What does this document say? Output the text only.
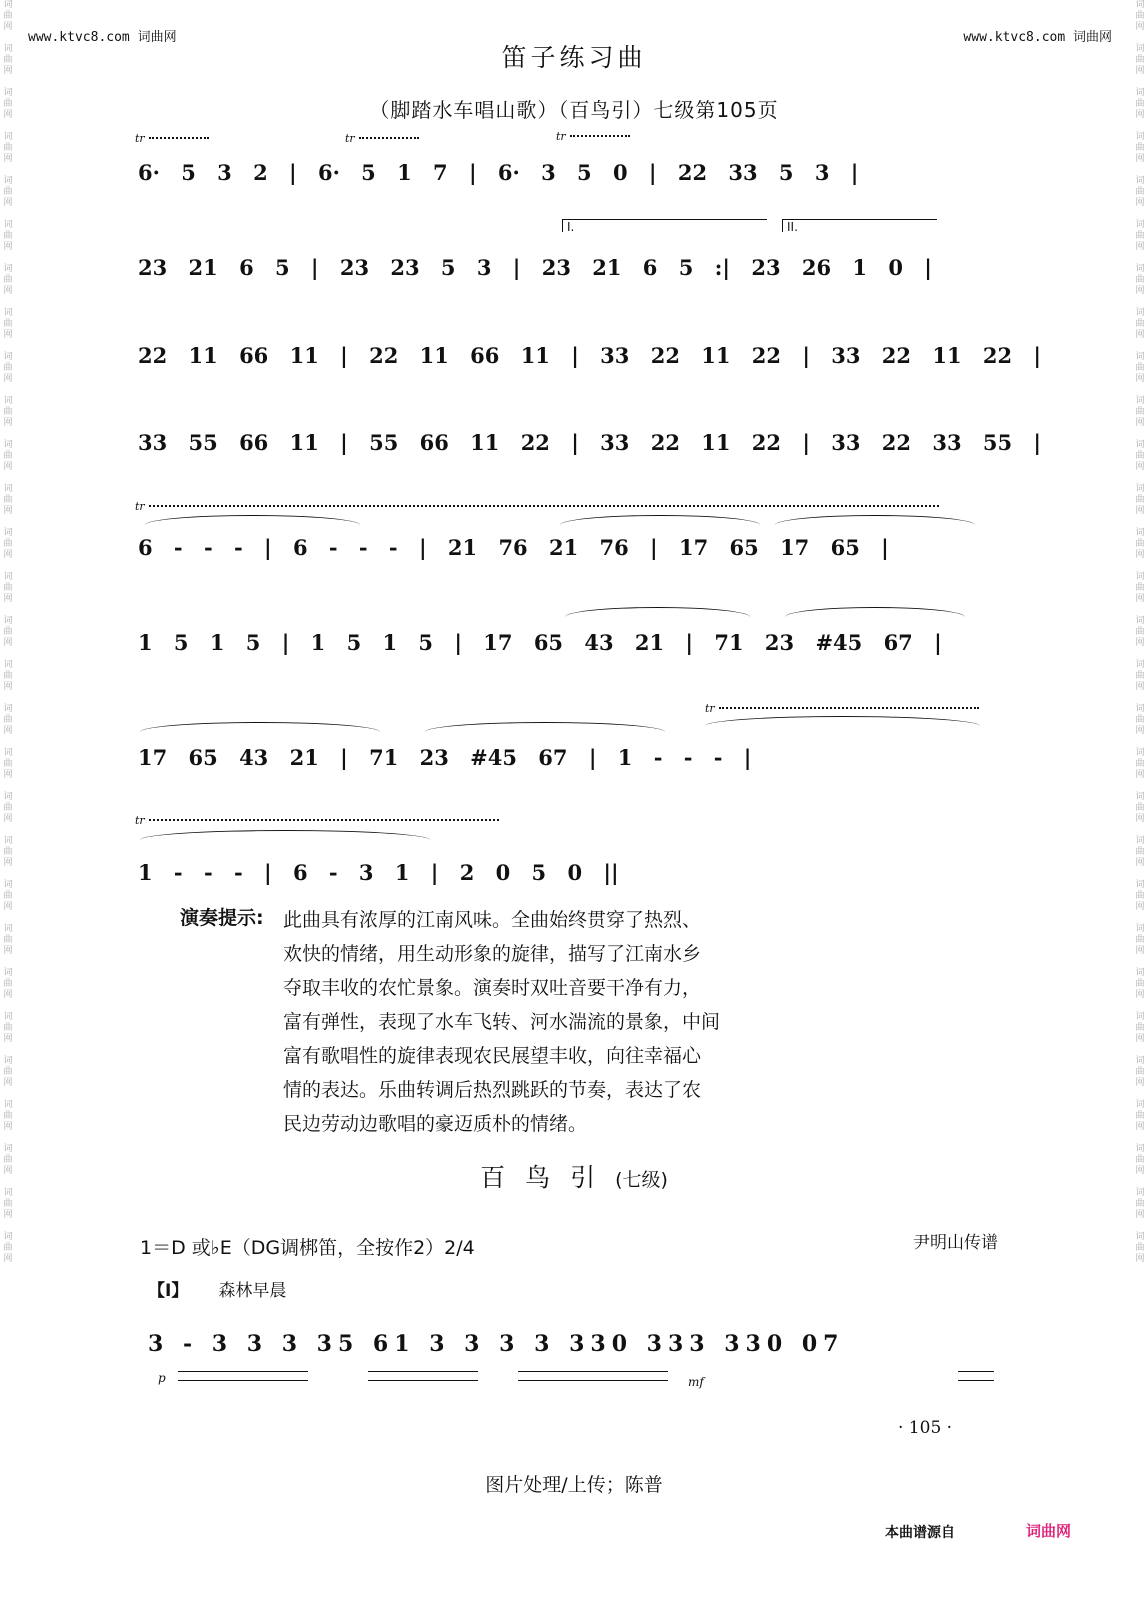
词
曲
网
词
曲
网
词
曲
网
词
曲
网
词
曲
网
词
曲
网
词
曲
网
词
曲
网
词
曲
网
词
曲
网
词
曲
网
词
曲
网
词
曲
网
词
曲
网
词
曲
网
词
曲
网
词
曲
网
词
曲
网
词
曲
网
词
曲
网
词
曲
网
词
曲
网
词
曲
网
词
曲
网
词
曲
网
词
曲
网
词
曲
网
词
曲
网
词
曲
网
词
曲
网
词
曲
网
词
曲
网
词
曲
网
词
曲
网
词
曲
网
词
曲
网
词
曲
网
词
曲
网
词
曲
网
词
曲
网
词
曲
网
词
曲
网
词
曲
网
词
曲
网
词
曲
网
词
曲
网
词
曲
网
词
曲
网
词
曲
网
词
曲
网
词
曲
网
词
曲
网
词
曲
网
词
曲
网
词
曲
网
词
曲
网
词
曲
网
词
曲
网
www.ktvc8.com 词曲网	www.ktvc8.com 词曲网
笛子练习曲
（脚踏水车唱山歌）（百鸟引）七级第105页
6· 5 3 2 | 6· 5 1 7 | 6· 3 5 0 | 22 33 5 3 |
23 21 6 5 | 23 23 5 3 | 23 21 6 5 :| 23 26 1 0 |
22 11 66 11 | 22 11 66 11 | 33 22 11 22 | 33 22 11 22 |
33 55 66 11 | 55 66 11 22 | 33 22 11 22 | 33 22 33 55 |
6 - - - | 6 - - - | 21 76 21 76 | 17 65 17 65 |
1 5 1 5 | 1 5 1 5 | 17 65 43 21 | 71 23 #45 67 |
17 65 43 21 | 71 23 #45 67 | 1 - - - |
1 - - - | 6 - 3 1 | 2 0 5 0 ||
演奏提示: 此曲具有浓厚的江南风味。全曲始终贯穿了热烈、
欢快的情绪，用生动形象的旋律，描写了江南水乡
夺取丰收的农忙景象。演奏时双吐音要干净有力，
富有弹性，表现了水车飞转、河水湍流的景象，中间
富有歌唱性的旋律表现农民展望丰收，向往幸福心
情的表达。乐曲转调后热烈跳跃的节奏，表达了农
民边劳动边歌唱的豪迈质朴的情绪。
百鸟引(七级)
1＝D 或♭E（DG调梆笛，全按作2）2/4	尹明山传谱
【I】 森林早晨
3 - 3 3 3 35 61 3 3 3 3 330 333 330 07
p	mf
· 105 ·
图片处理/上传；陈普
本曲谱源自	词曲网
tr	tr	tr
tr
tr
tr
I.	II.
